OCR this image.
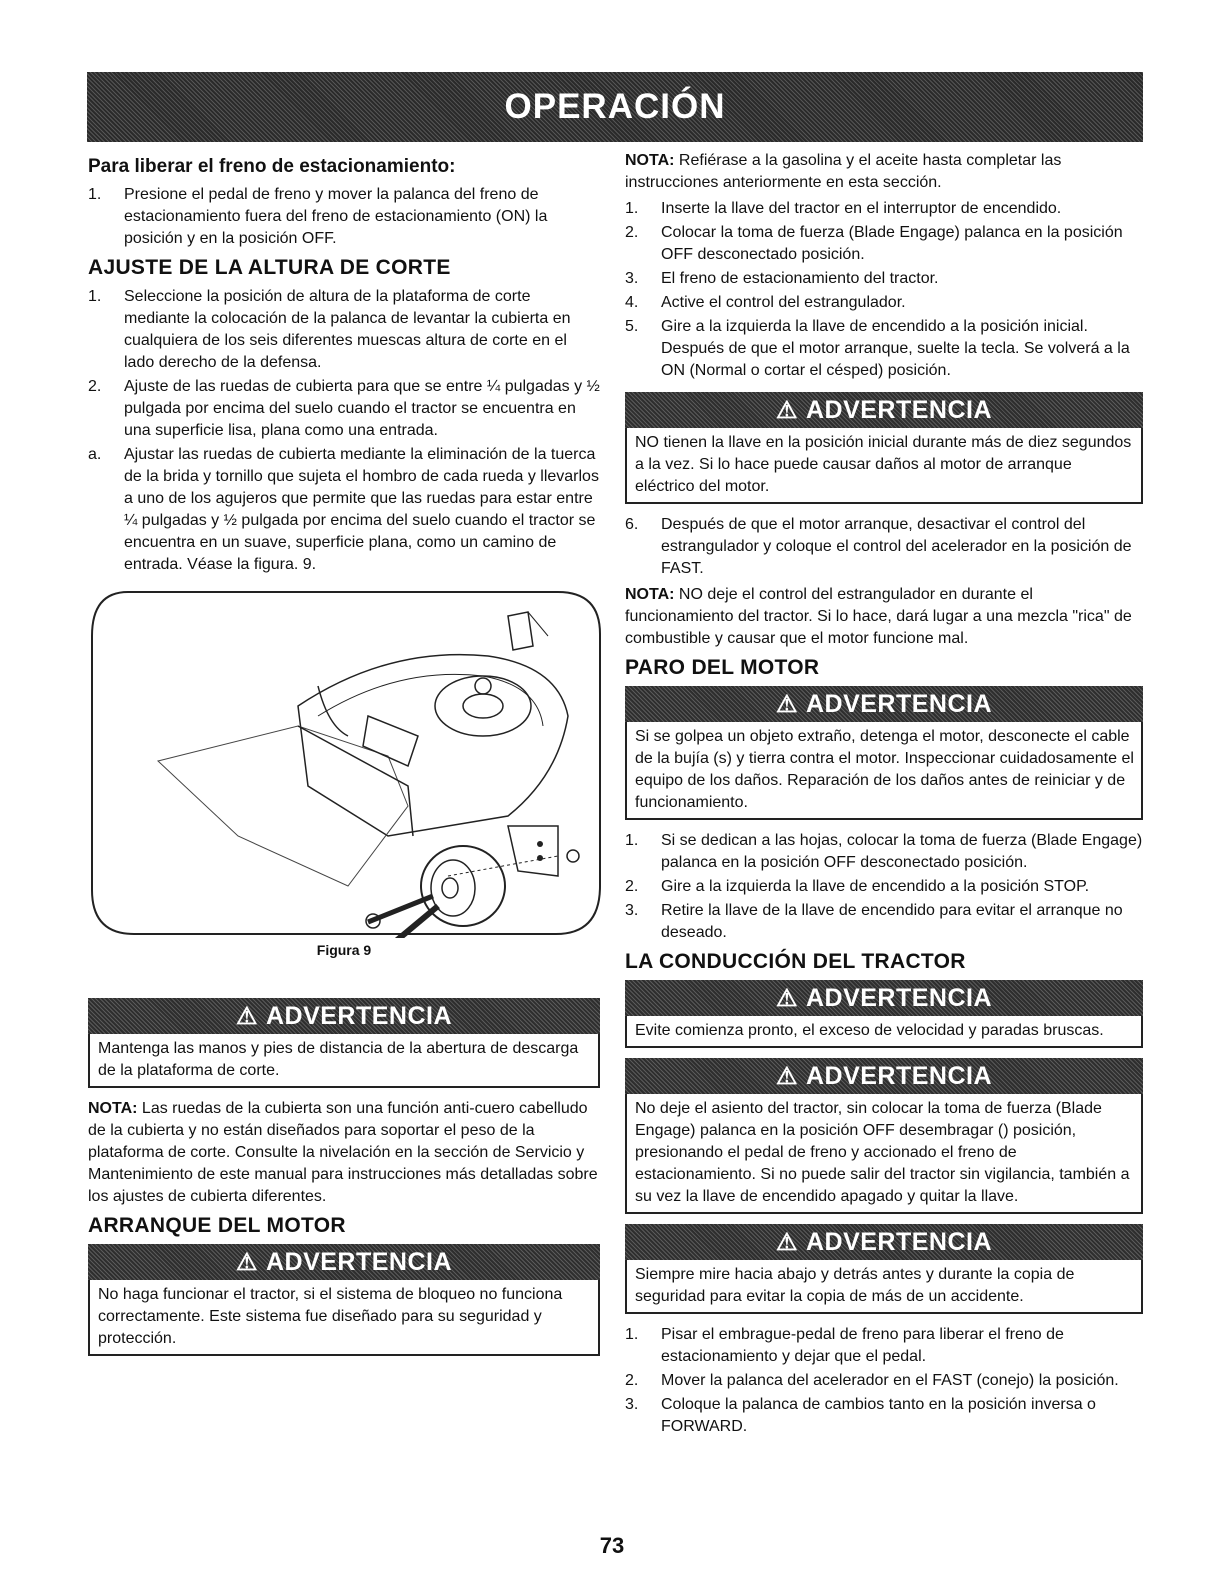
OPERACIÓN
Para liberar el freno de estacionamiento:
1.	Presione el pedal de freno y mover la palanca del freno de estacionamiento fuera del freno de estacionamiento (ON) la posición y en la posición OFF.
AJUSTE DE LA ALTURA DE CORTE
1.	Seleccione la posición de altura de la plataforma de corte mediante la colocación de la palanca de levantar la cubierta en cualquiera de los seis diferentes muescas altura de corte en el lado derecho de la defensa.
2.	Ajuste de las ruedas de cubierta para que se entre ¼ pulgadas y ½ pulgada por encima del suelo cuando el tractor se encuentra en una superficie lisa, plana como una entrada.
a.	Ajustar las ruedas de cubierta mediante la eliminación de la tuerca de la brida y tornillo que sujeta el hombro de cada rueda y llevarlos a uno de los agujeros que permite que las ruedas para estar entre ¼ pulgadas y ½ pulgada por encima del suelo cuando el tractor se encuentra en un suave, superficie plana, como un camino de entrada. Véase la figura. 9.
Figura 9
⚠ ADVERTENCIA
Mantenga las manos y pies de distancia de la abertura de descarga de la plataforma de corte.

NOTA: Las ruedas de la cubierta son una función anti-cuero cabelludo de la cubierta y no están diseñados para soportar el peso de la plataforma de corte. Consulte la nivelación en la sección de Servicio y Mantenimiento de este manual para instrucciones más detalladas sobre los ajustes de cubierta diferentes.

ARRANQUE DEL MOTOR
⚠ ADVERTENCIA
No haga funcionar el tractor, si el sistema de bloqueo no funciona correctamente. Este sistema fue diseñado para su seguridad y protección.

NOTA: Refiérase a la gasolina y el aceite hasta completar las instrucciones anteriormente en esta sección.

1.	Inserte la llave del tractor en el interruptor de encendido.
2.	Colocar la toma de fuerza (Blade Engage) palanca en la posición OFF desconectado posición.
3.	El freno de estacionamiento del tractor.
4.	Active el control del estrangulador.
5.	Gire a la izquierda la llave de encendido a la posición inicial. Después de que el motor arranque, suelte la tecla. Se volverá a la ON (Normal o cortar el césped) posición.
⚠ ADVERTENCIA
NO tienen la llave en la posición inicial durante más de diez segundos a la vez. Si lo hace puede causar daños al motor de arranque eléctrico del motor.
6.	Después de que el motor arranque, desactivar el control del estrangulador y coloque el control del acelerador en la posición de FAST.

NOTA: NO deje el control del estrangulador en durante el funcionamiento del tractor. Si lo hace, dará lugar a una mezcla "rica" de combustible y causar que el motor funcione mal.

PARO DEL MOTOR
⚠ ADVERTENCIA
Si se golpea un objeto extraño, detenga el motor, desconecte el cable de la bujía (s) y tierra contra el motor. Inspeccionar cuidadosamente el equipo de los daños. Reparación de los daños antes de reiniciar y de funcionamiento.
1.	Si se dedican a las hojas, colocar la toma de fuerza (Blade Engage) palanca en la posición OFF desconectado posición.
2.	Gire a la izquierda la llave de encendido a la posición STOP.
3.	Retire la llave de la llave de encendido para evitar el arranque no deseado.
LA CONDUCCIÓN DEL TRACTOR
⚠ ADVERTENCIA
Evite comienza pronto, el exceso de velocidad y paradas bruscas.
⚠ ADVERTENCIA
No deje el asiento del tractor, sin colocar la toma de fuerza (Blade Engage) palanca en la posición OFF desembragar () posición, presionando el pedal de freno y accionado el freno de estacionamiento. Si no puede salir del tractor sin vigilancia, también a su vez la llave de encendido apagado y quitar la llave.
⚠ ADVERTENCIA
Siempre mire hacia abajo y detrás antes y durante la copia de seguridad para evitar la copia de más de un accidente.
1.	Pisar el embrague-pedal de freno para liberar el freno de estacionamiento y dejar que el pedal.
2.	Mover la palanca del acelerador en el FAST (conejo) la posición.
3.	Coloque la palanca de cambios tanto en la posición inversa o FORWARD.
73
